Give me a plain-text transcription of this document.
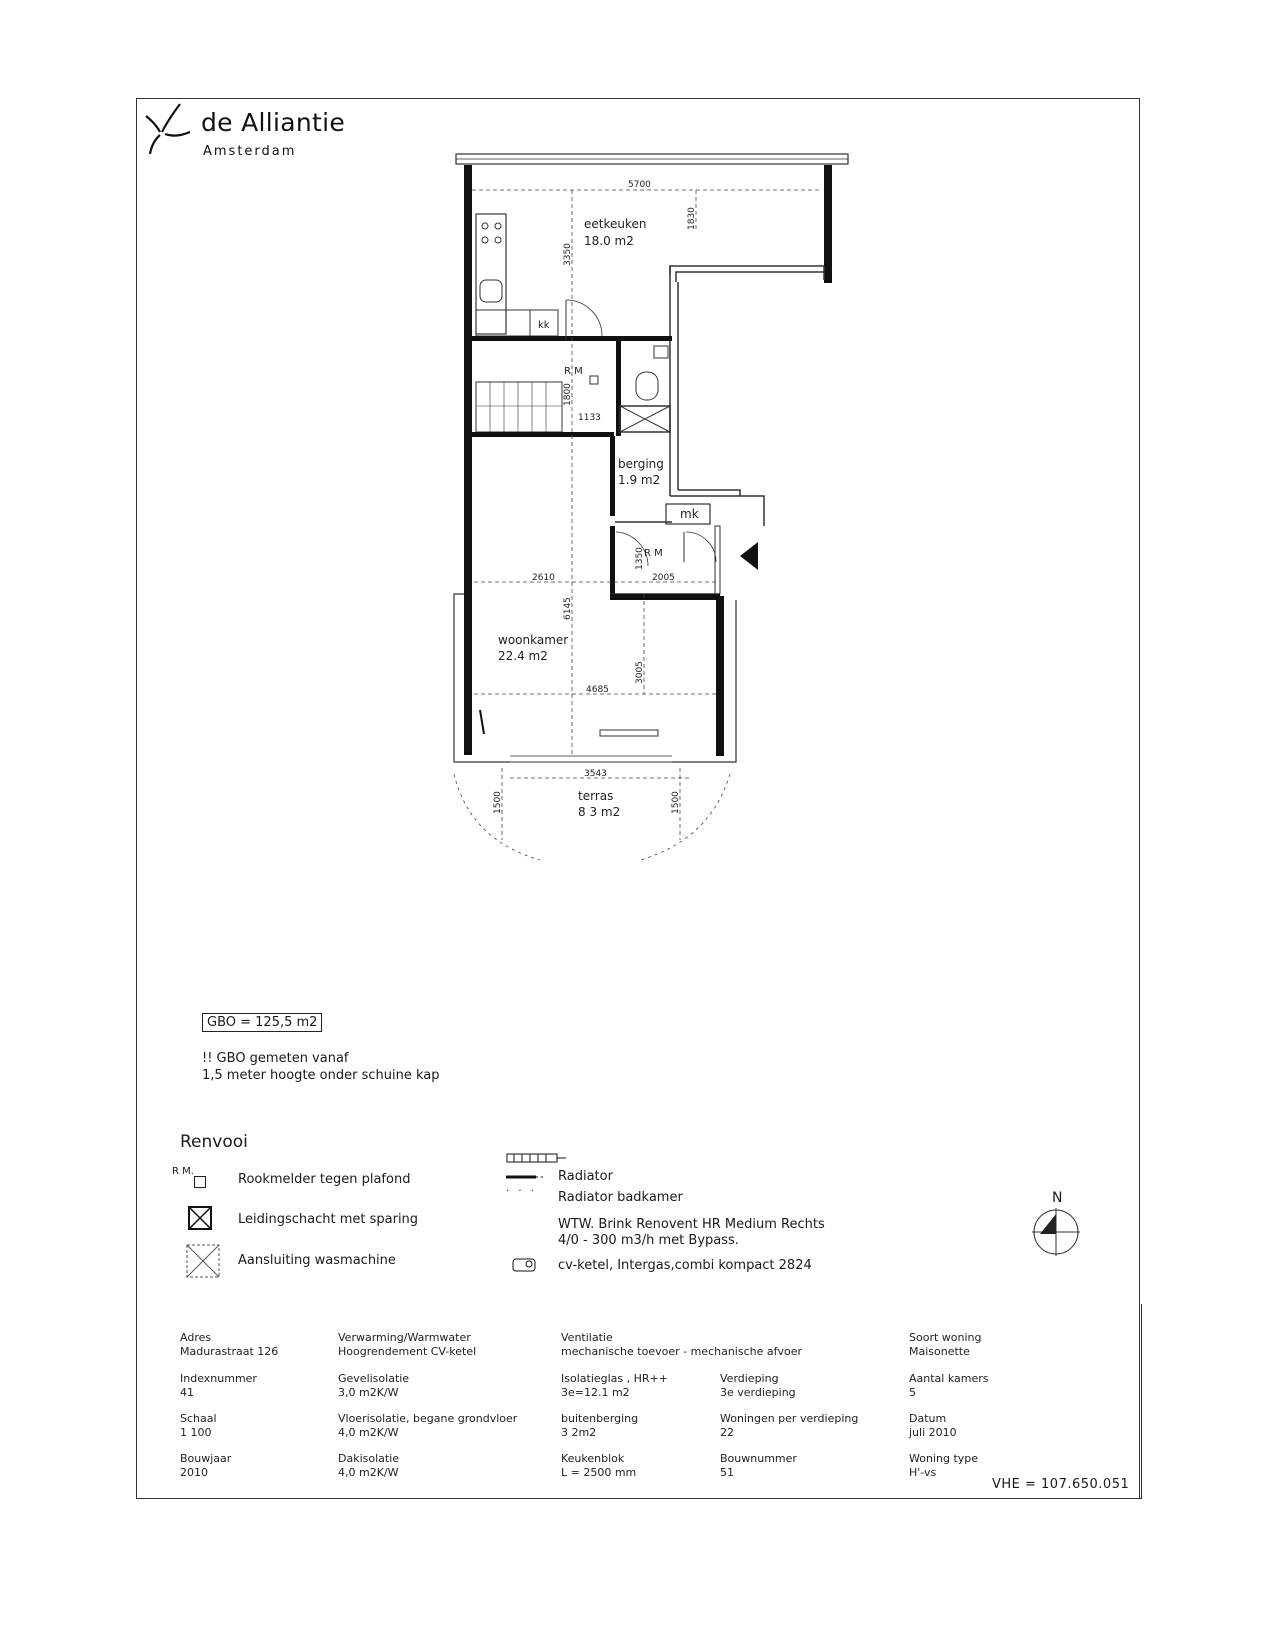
de Alliantie
Amsterdam
kk
R M
R M
eetkeuken
18.0 m2
berging
1.9 m2
mk
woonkamer
22.4 m2
terras
8 3 m2
5700
1830
3350
1800
1133
1350
2610	2005
6145
3005
4685
3543
1500	1500
GBO = 125,5 m2
!! GBO gemeten vanaf
1,5 meter hoogte onder schuine kap
Renvooi
R M.
Rookmelder tegen plafond
Leidingschacht met sparing
Aansluiting wasmachine
Radiator
· · · Radiator badkamer
WTW. Brink Renovent HR Medium Rechts
4/0 - 300 m3/h met Bypass.
cv-ketel, Intergas,combi kompact 2824
N
Adres
Madurastraat 126
Verwarming/Warmwater
Hoogrendement CV-ketel
Ventilatie
mechanische toevoer - mechanische afvoer
Soort woning
Maisonette
Indexnummer
41
Gevelisolatie
3,0 m2K/W
Isolatieglas , HR++
3e=12.1 m2
Verdieping
3e verdieping
Aantal kamers
5
Schaal
1 100
Vloerisolatie, begane grondvloer
4,0 m2K/W
buitenberging
3 2m2
Woningen per verdieping
22
Datum
juli 2010
Bouwjaar
2010
Dakisolatie
4,0 m2K/W
Keukenblok
L = 2500 mm
Bouwnummer
51
Woning type
H'-vs
VHE = 107.650.051
